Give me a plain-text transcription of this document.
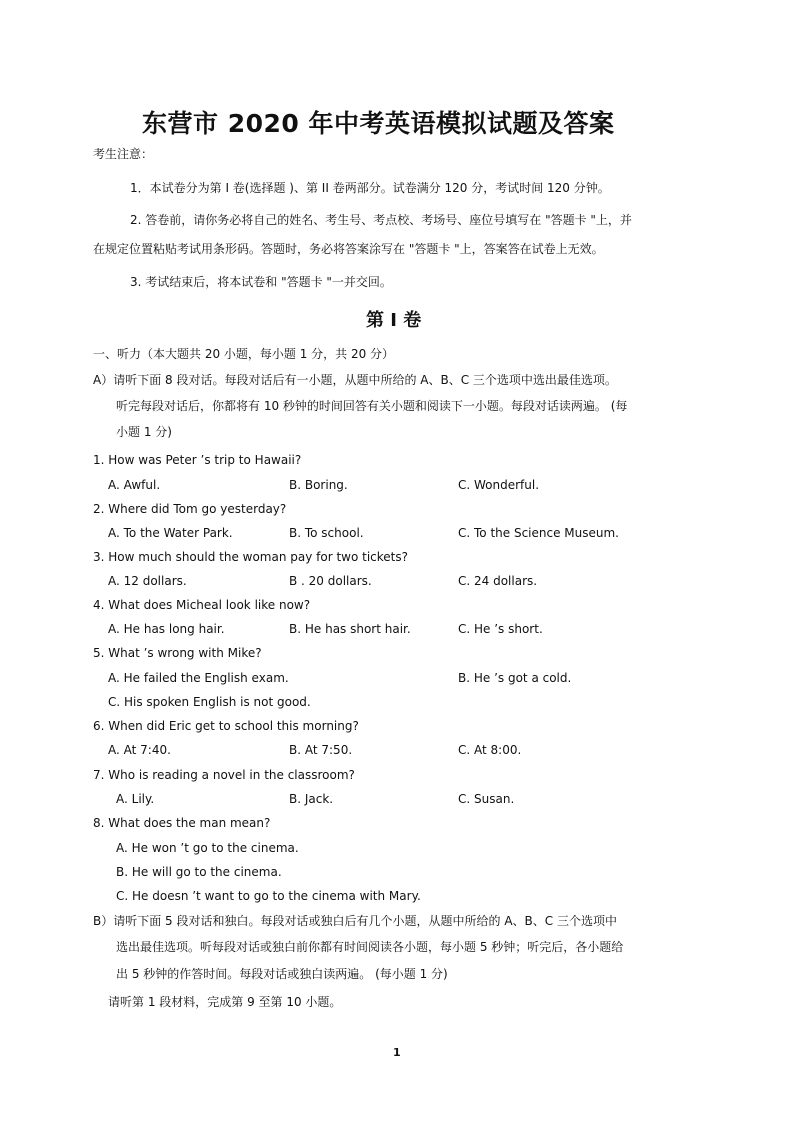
东营市 2020 年中考英语模拟试题及答案
考生注意：
1．本试卷分为第 I 卷(选择题 )、第 II 卷两部分。试卷满分 120 分，考试时间 120 分钟。
2. 答卷前，请你务必将自己的姓名、考生号、考点校、考场号、座位号填写在 "答题卡 "上，并
在规定位置粘贴考试用条形码。答题时，务必将答案涂写在 "答题卡 "上，答案答在试卷上无效。
3. 考试结束后，将本试卷和 "答题卡 "一并交回。
第 I 卷
一、听力（本大题共 20 小题，每小题 1 分，共 20 分）
A）请听下面 8 段对话。每段对话后有一小题，从题中所给的 A、B、C 三个选项中选出最佳选项。
听完每段对话后，你都将有 10 秒钟的时间回答有关小题和阅读下一小题。每段对话读两遍。 (每
小题 1 分)
1. How was Peter ’s trip to Hawaii?
A. Awful.	B. Boring.	C. Wonderful.
2. Where did Tom go yesterday?
A. To the Water Park.	B. To school.	C. To the Science Museum.
3. How much should the woman pay for two tickets?
A. 12 dollars.	B . 20 dollars.	C. 24 dollars.
4. What does Micheal look like now?
A. He has long hair.	B. He has short hair.	C. He ’s short.
5. What ’s wrong with Mike?
A. He failed the English exam.	B. He ’s got a cold.
C. His spoken English is not good.
6. When did Eric get to school this morning?
A. At 7:40.	B. At 7:50.	C. At 8:00.
7. Who is reading a novel in the classroom?
A. Lily.	B. Jack.	C. Susan.
8. What does the man mean?
A. He won ’t go to the cinema.
B. He will go to the cinema.
C. He doesn ’t want to go to the cinema with Mary.
B）请听下面 5 段对话和独白。每段对话或独白后有几个小题，从题中所给的 A、B、C 三个选项中
选出最佳选项。听每段对话或独白前你都有时间阅读各小题，每小题 5 秒钟；听完后，各小题给
出 5 秒钟的作答时间。每段对话或独白读两遍。 (每小题 1 分)
请听第 1 段材料，完成第 9 至第 10 小题。
1
